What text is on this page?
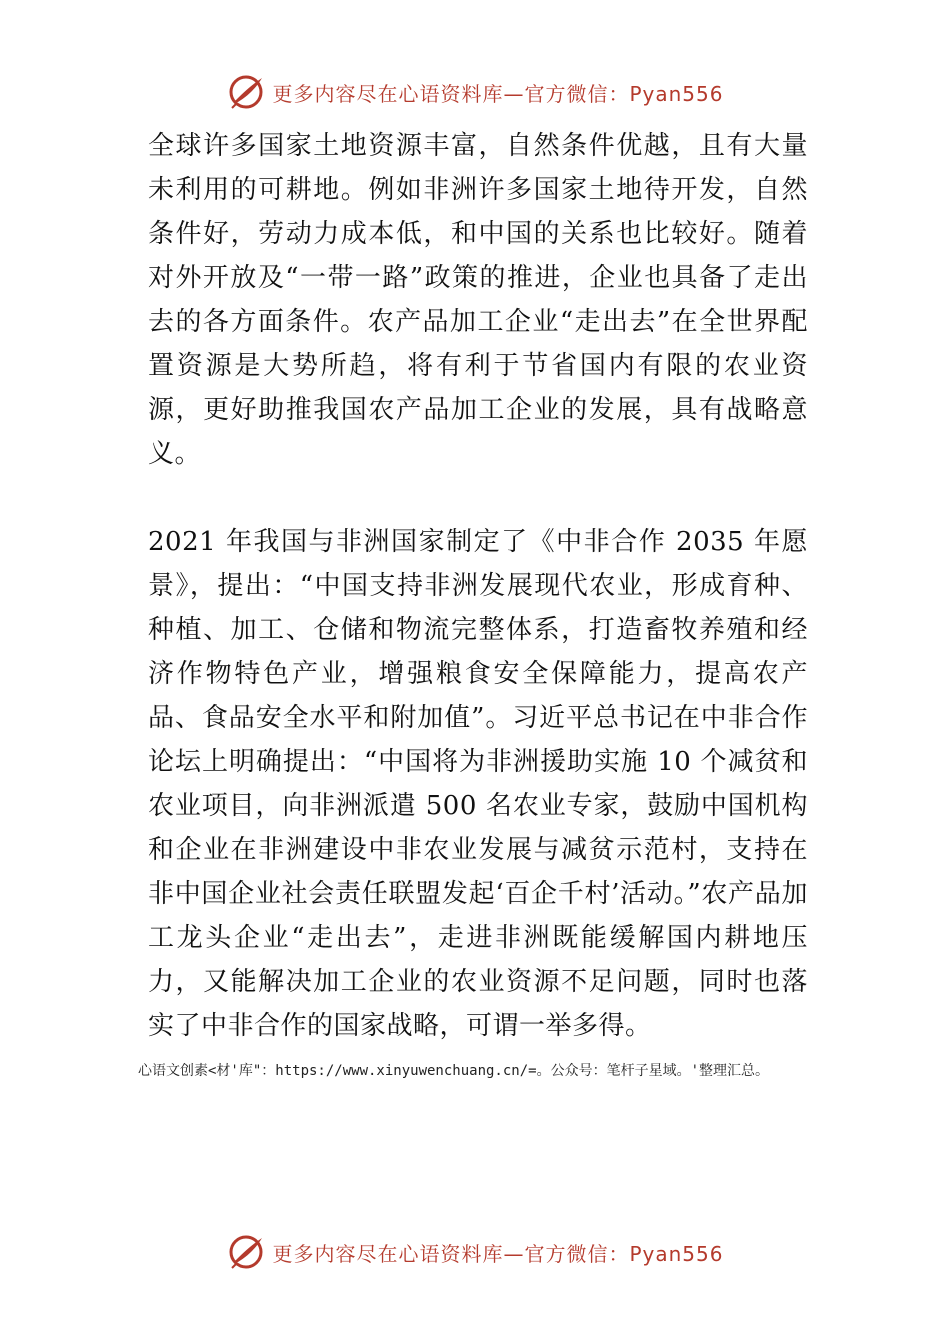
更多内容尽在心语资料库—官方微信：Pyan556

全球许多国家土地资源丰富，自然条件优越，且有大量未利用的可耕地。例如非洲许多国家土地待开发，自然条件好，劳动力成本低，和中国的关系也比较好。随着对外开放及“一带一路”政策的推进，企业也具备了走出去的各方面条件。农产品加工企业“走出去”在全世界配置资源是大势所趋，将有利于节省国内有限的农业资源，更好助推我国农产品加工企业的发展，具有战略意义。

2021 年我国与非洲国家制定了《中非合作 2035 年愿景》，提出：“中国支持非洲发展现代农业，形成育种、种植、加工、仓储和物流完整体系，打造畜牧养殖和经济作物特色产业，增强粮食安全保障能力，提高农产品、食品安全水平和附加值”。习近平总书记在中非合作论坛上明确提出：“中国将为非洲援助实施 10 个减贫和农业项目，向非洲派遣 500 名农业专家，鼓励中国机构和企业在非洲建设中非农业发展与减贫示范村，支持在非中国企业社会责任联盟发起‘百企千村’活动。”农产品加工龙头企业“走出去”，走进非洲既能缓解国内耕地压力，又能解决加工企业的农业资源不足问题，同时也落实了中非合作的国家战略，可谓一举多得。

心语文创素<材'库"：https://www.xinyuwenchuang.cn/=。公众号：笔杆子星域。'整理汇总。
更多内容尽在心语资料库—官方微信：Pyan556
